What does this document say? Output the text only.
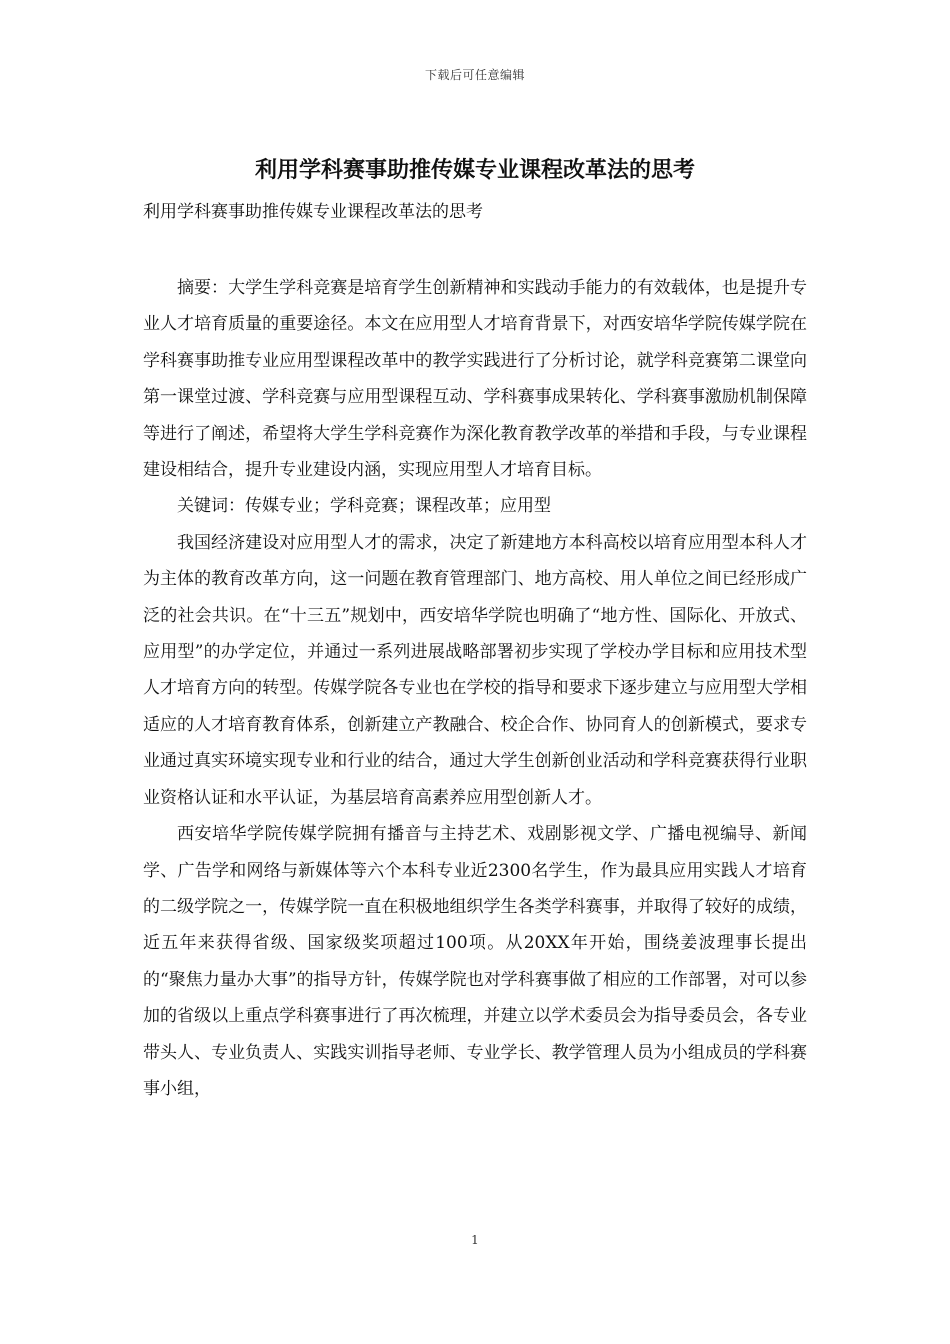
下载后可任意编辑
利用学科赛事助推传媒专业课程改革法的思考

利用学科赛事助推传媒专业课程改革法的思考

摘要：大学生学科竞赛是培育学生创新精神和实践动手能力的有效载体，也是提升专业人才培育质量的重要途径。本文在应用型人才培育背景下，对西安培华学院传媒学院在学科赛事助推专业应用型课程改革中的教学实践进行了分析讨论，就学科竞赛第二课堂向第一课堂过渡、学科竞赛与应用型课程互动、学科赛事成果转化、学科赛事激励机制保障等进行了阐述，希望将大学生学科竞赛作为深化教育教学改革的举措和手段，与专业课程建设相结合，提升专业建设内涵，实现应用型人才培育目标。

关键词：传媒专业；学科竞赛；课程改革；应用型

我国经济建设对应用型人才的需求，决定了新建地方本科高校以培育应用型本科人才为主体的教育改革方向，这一问题在教育管理部门、地方高校、用人单位之间已经形成广泛的社会共识。在“十三五”规划中，西安培华学院也明确了“地方性、国际化、开放式、应用型”的办学定位，并通过一系列进展战略部署初步实现了学校办学目标和应用技术型人才培育方向的转型。传媒学院各专业也在学校的指导和要求下逐步建立与应用型大学相适应的人才培育教育体系，创新建立产教融合、校企合作、协同育人的创新模式，要求专业通过真实环境实现专业和行业的结合，通过大学生创新创业活动和学科竞赛获得行业职业资格认证和水平认证，为基层培育高素养应用型创新人才。

西安培华学院传媒学院拥有播音与主持艺术、戏剧影视文学、广播电视编导、新闻学、广告学和网络与新媒体等六个本科专业近2300名学生，作为最具应用实践人才培育的二级学院之一，传媒学院一直在积极地组织学生各类学科赛事，并取得了较好的成绩，近五年来获得省级、国家级奖项超过100项。从20XX年开始，围绕姜波理事长提出的“聚焦力量办大事”的指导方针，传媒学院也对学科赛事做了相应的工作部署，对可以参加的省级以上重点学科赛事进行了再次梳理，并建立以学术委员会为指导委员会，各专业带头人、专业负责人、实践实训指导老师、专业学长、教学管理人员为小组成员的学科赛事小组，

1
